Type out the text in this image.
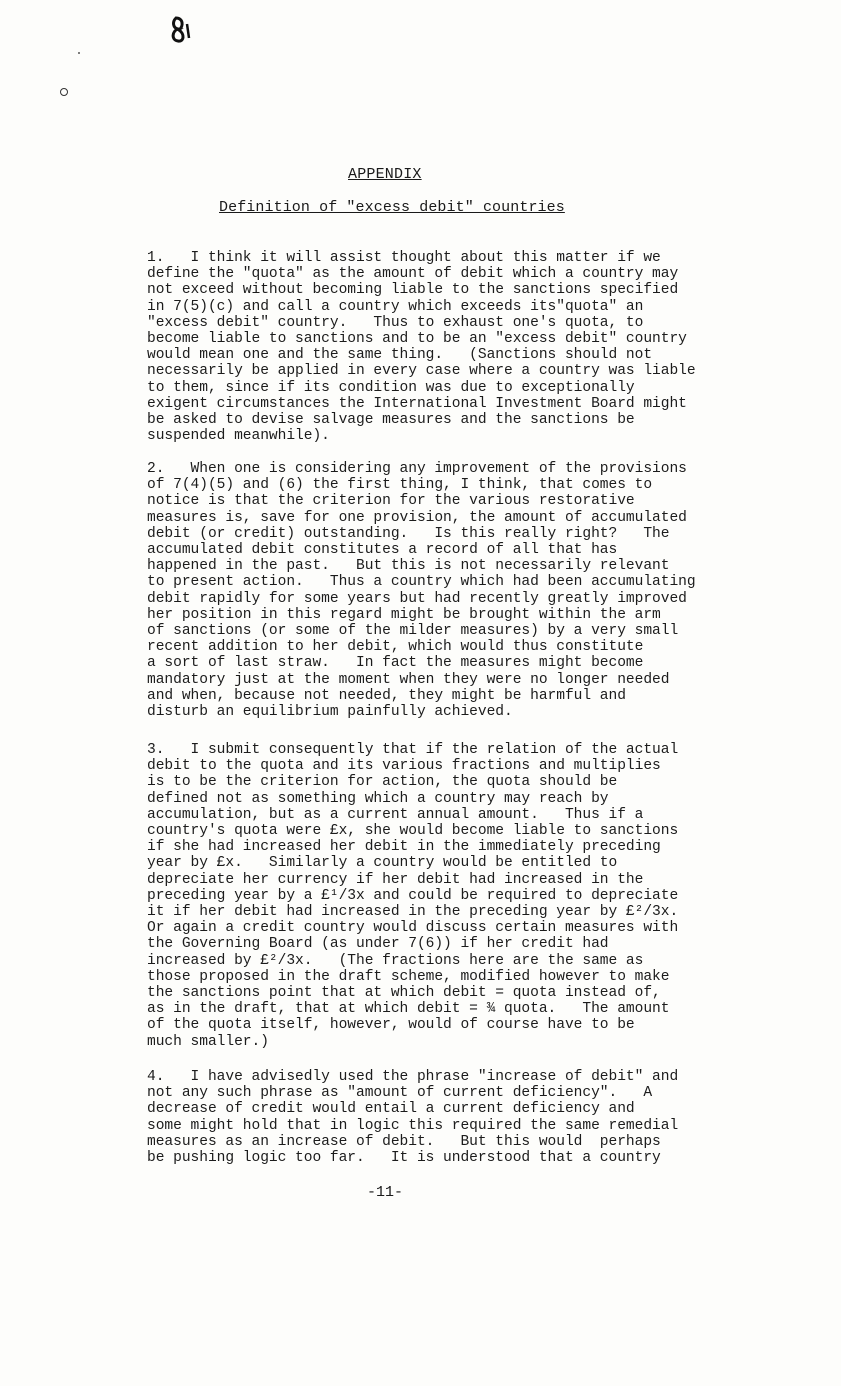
APPENDIX
Definition of "excess debit" countries
1.   I think it will assist thought about this matter if we
define the "quota" as the amount of debit which a country may
not exceed without becoming liable to the sanctions specified
in 7(5)(c) and call a country which exceeds its"quota" an
"excess debit" country.   Thus to exhaust one's quota, to
become liable to sanctions and to be an "excess debit" country
would mean one and the same thing.   (Sanctions should not
necessarily be applied in every case where a country was liable
to them, since if its condition was due to exceptionally
exigent circumstances the International Investment Board might
be asked to devise salvage measures and the sanctions be
suspended meanwhile).
2.   When one is considering any improvement of the provisions
of 7(4)(5) and (6) the first thing, I think, that comes to
notice is that the criterion for the various restorative
measures is, save for one provision, the amount of accumulated
debit (or credit) outstanding.   Is this really right?   The
accumulated debit constitutes a record of all that has
happened in the past.   But this is not necessarily relevant
to present action.   Thus a country which had been accumulating
debit rapidly for some years but had recently greatly improved
her position in this regard might be brought within the arm
of sanctions (or some of the milder measures) by a very small
recent addition to her debit, which would thus constitute
a sort of last straw.   In fact the measures might become
mandatory just at the moment when they were no longer needed
and when, because not needed, they might be harmful and
disturb an equilibrium painfully achieved.
3.   I submit consequently that if the relation of the actual
debit to the quota and its various fractions and multiplies
is to be the criterion for action, the quota should be
defined not as something which a country may reach by
accumulation, but as a current annual amount.   Thus if a
country's quota were £x, she would become liable to sanctions
if she had increased her debit in the immediately preceding
year by £x.   Similarly a country would be entitled to
depreciate her currency if her debit had increased in the
preceding year by a £¹/3x and could be required to depreciate
it if her debit had increased in the preceding year by £²/3x.
Or again a credit country would discuss certain measures with
the Governing Board (as under 7(6)) if her credit had
increased by £²/3x.   (The fractions here are the same as
those proposed in the draft scheme, modified however to make
the sanctions point that at which debit = quota instead of,
as in the draft, that at which debit = ¾ quota.   The amount
of the quota itself, however, would of course have to be
much smaller.)
4.   I have advisedly used the phrase "increase of debit" and
not any such phrase as "amount of current deficiency".   A
decrease of credit would entail a current deficiency and
some might hold that in logic this required the same remedial
measures as an increase of debit.   But this would  perhaps
be pushing logic too far.   It is understood that a country
-11-
